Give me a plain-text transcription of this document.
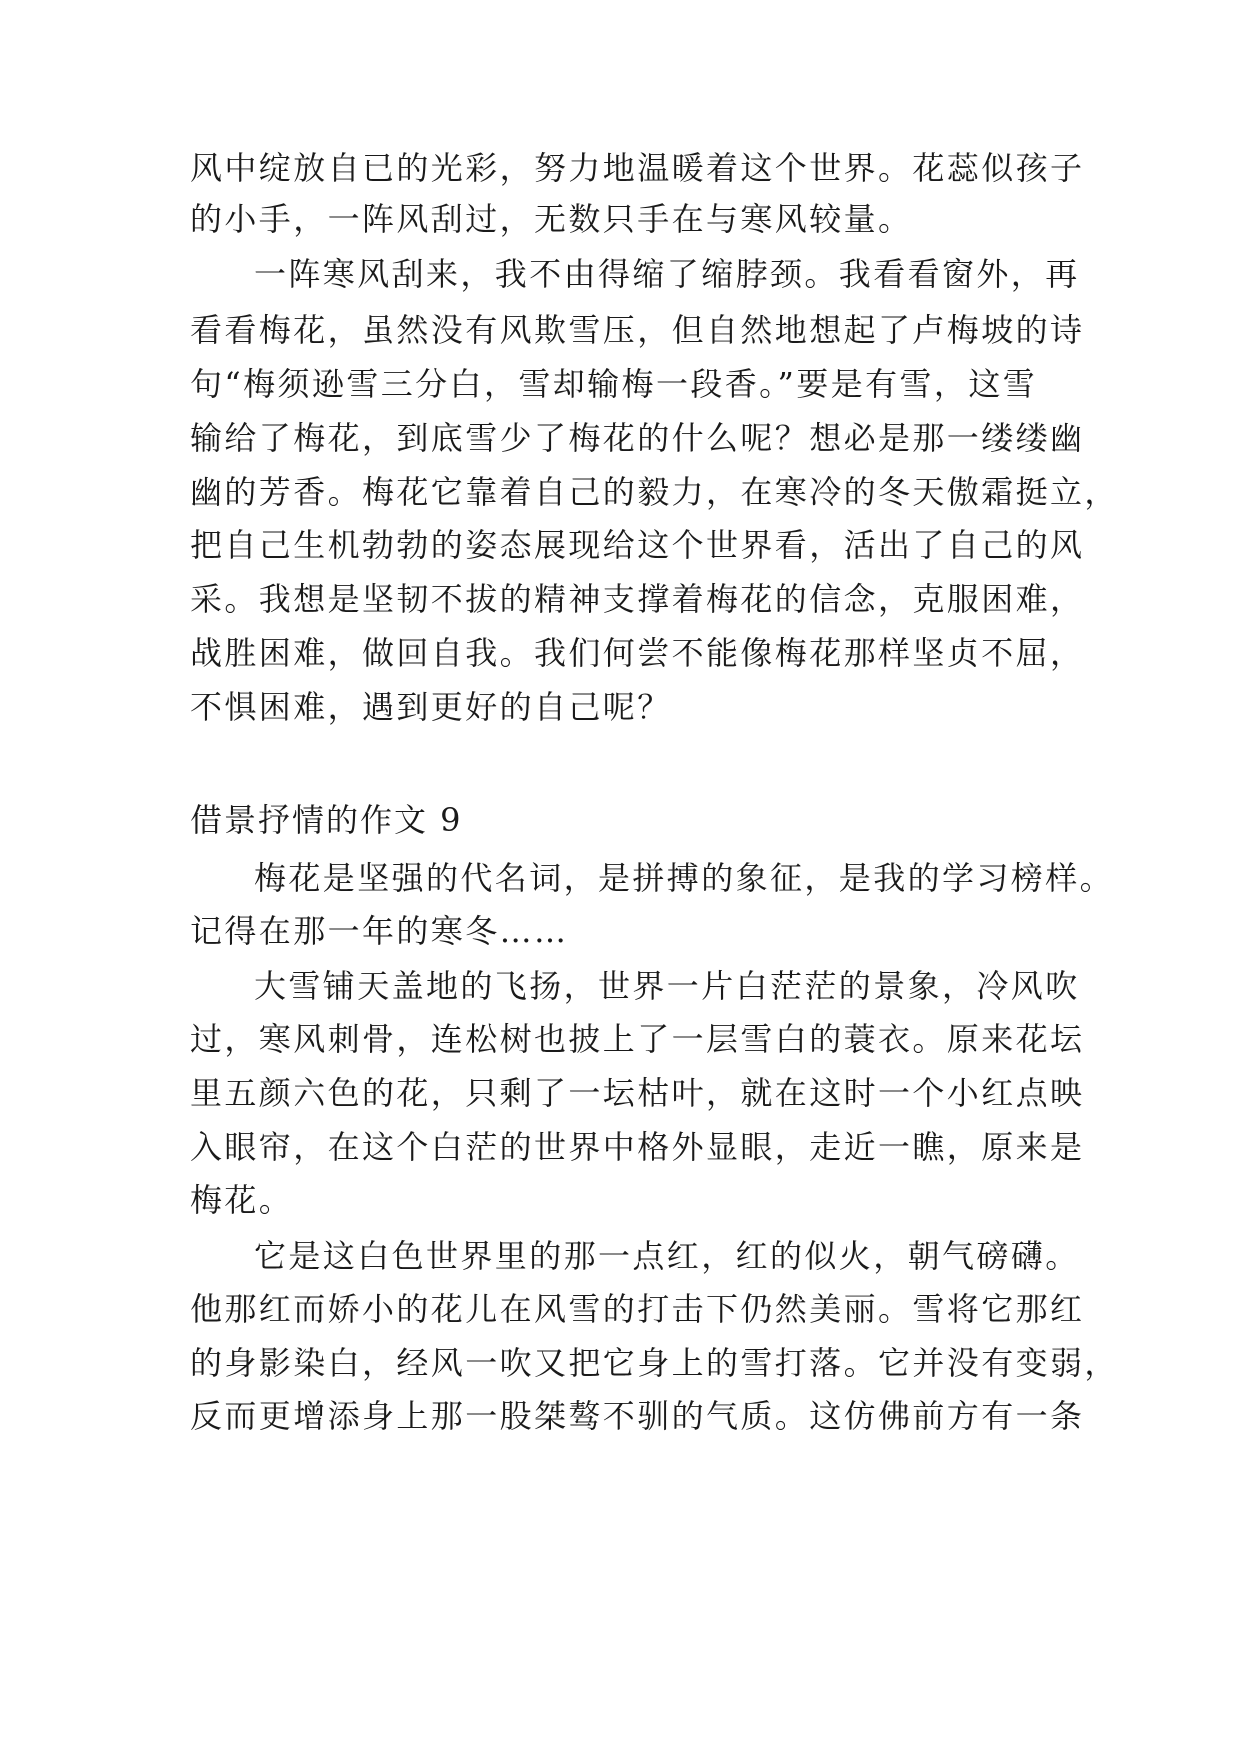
风中绽放自已的光彩，努力地温暖着这个世界。花蕊似孩子
的小手，一阵风刮过，无数只手在与寒风较量。
一阵寒风刮来，我不由得缩了缩脖颈。我看看窗外，再
看看梅花，虽然没有风欺雪压，但自然地想起了卢梅坡的诗
句“梅须逊雪三分白，雪却输梅一段香。”要是有雪，这雪
输给了梅花，到底雪少了梅花的什么呢？想必是那一缕缕幽
幽的芳香。梅花它靠着自己的毅力，在寒冷的冬天傲霜挺立，
把自己生机勃勃的姿态展现给这个世界看，活出了自己的风
采。我想是坚韧不拔的精神支撑着梅花的信念，克服困难，
战胜困难，做回自我。我们何尝不能像梅花那样坚贞不屈，
不惧困难，遇到更好的自己呢？
借景抒情的作文 9
梅花是坚强的代名词，是拼搏的象征，是我的学习榜样。
记得在那一年的寒冬……
大雪铺天盖地的飞扬，世界一片白茫茫的景象，冷风吹
过，寒风刺骨，连松树也披上了一层雪白的蓑衣。原来花坛
里五颜六色的花，只剩了一坛枯叶，就在这时一个小红点映
入眼帘，在这个白茫的世界中格外显眼，走近一瞧，原来是
梅花。
它是这白色世界里的那一点红，红的似火，朝气磅礴。
他那红而娇小的花儿在风雪的打击下仍然美丽。雪将它那红
的身影染白，经风一吹又把它身上的雪打落。它并没有变弱，
反而更增添身上那一股桀骜不驯的气质。这仿佛前方有一条
